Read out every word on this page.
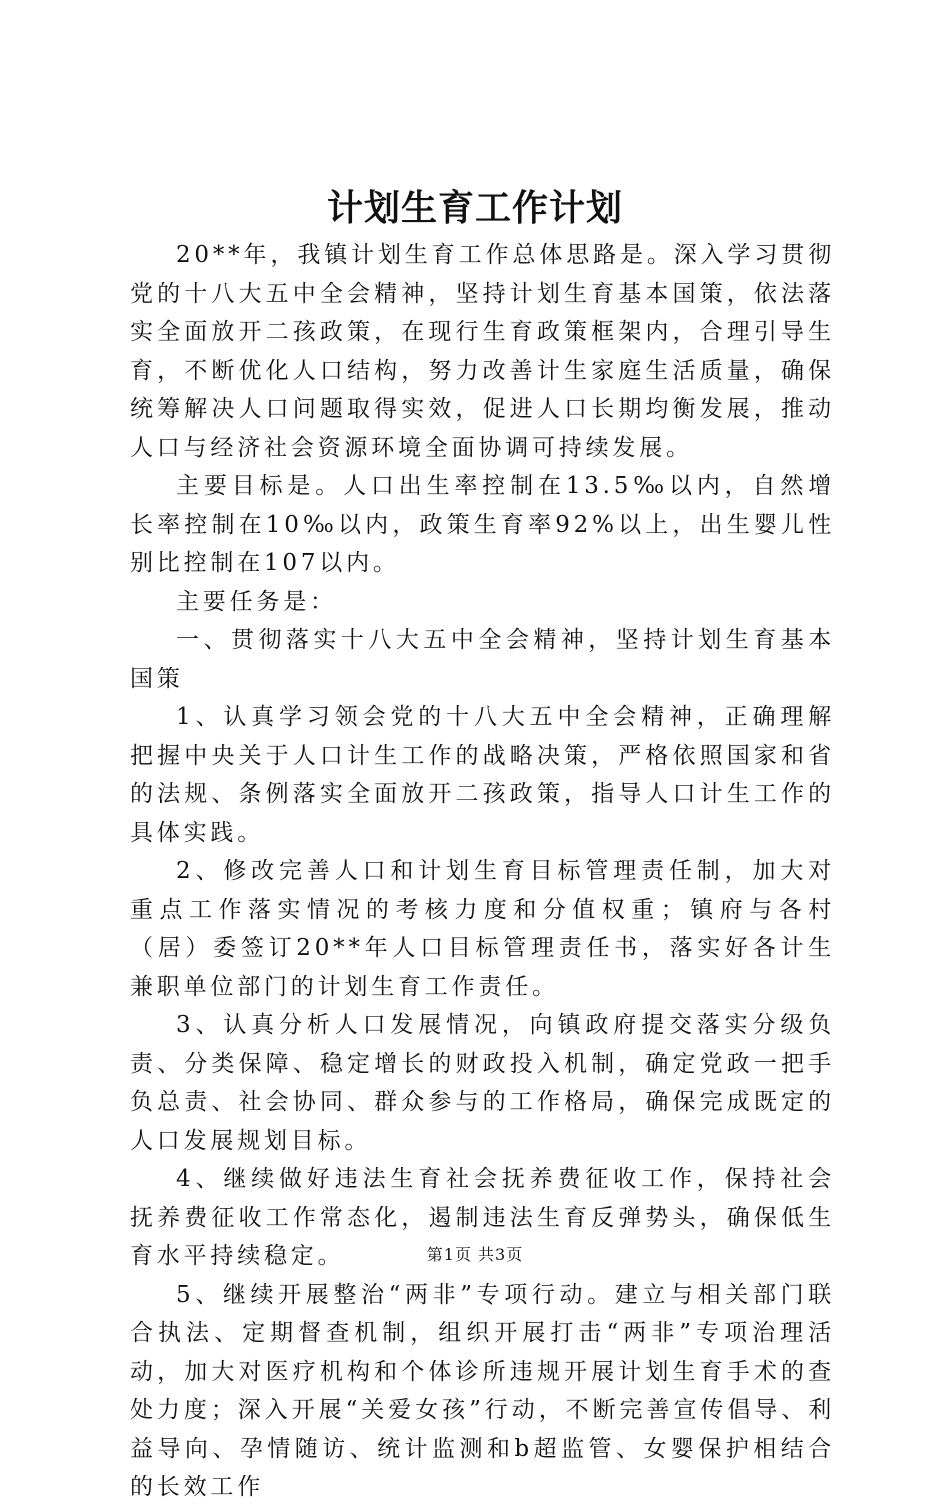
计划生育工作计划

20**年，我镇计划生育工作总体思路是。深入学习贯彻党的十八大五中全会精神，坚持计划生育基本国策，依法落实全面放开二孩政策，在现行生育政策框架内，合理引导生育，不断优化人口结构，努力改善计生家庭生活质量，确保统筹解决人口问题取得实效，促进人口长期均衡发展，推动人口与经济社会资源环境全面协调可持续发展。

主要目标是。人口出生率控制在13.5‰以内，自然增长率控制在10‰以内，政策生育率92%以上，出生婴儿性别比控制在107以内。

主要任务是：

一、贯彻落实十八大五中全会精神，坚持计划生育基本国策

1、认真学习领会党的十八大五中全会精神，正确理解把握中央关于人口计生工作的战略决策，严格依照国家和省的法规、条例落实全面放开二孩政策，指导人口计生工作的具体实践。

2、修改完善人口和计划生育目标管理责任制，加大对重点工作落实情况的考核力度和分值权重；镇府与各村（居）委签订20**年人口目标管理责任书，落实好各计生兼职单位部门的计划生育工作责任。

3、认真分析人口发展情况，向镇政府提交落实分级负责、分类保障、稳定增长的财政投入机制，确定党政一把手负总责、社会协同、群众参与的工作格局，确保完成既定的人口发展规划目标。

4、继续做好违法生育社会抚养费征收工作，保持社会抚养费征收工作常态化，遏制违法生育反弹势头，确保低生育水平持续稳定。

5、继续开展整治“两非”专项行动。建立与相关部门联合执法、定期督查机制，组织开展打击“两非”专项治理活动，加大对医疗机构和个体诊所违规开展计划生育手术的查处力度；深入开展“关爱女孩”行动，不断完善宣传倡导、利益导向、孕情随访、统计监测和b超监管、女婴保护相结合的长效工作

第1页 共3页
